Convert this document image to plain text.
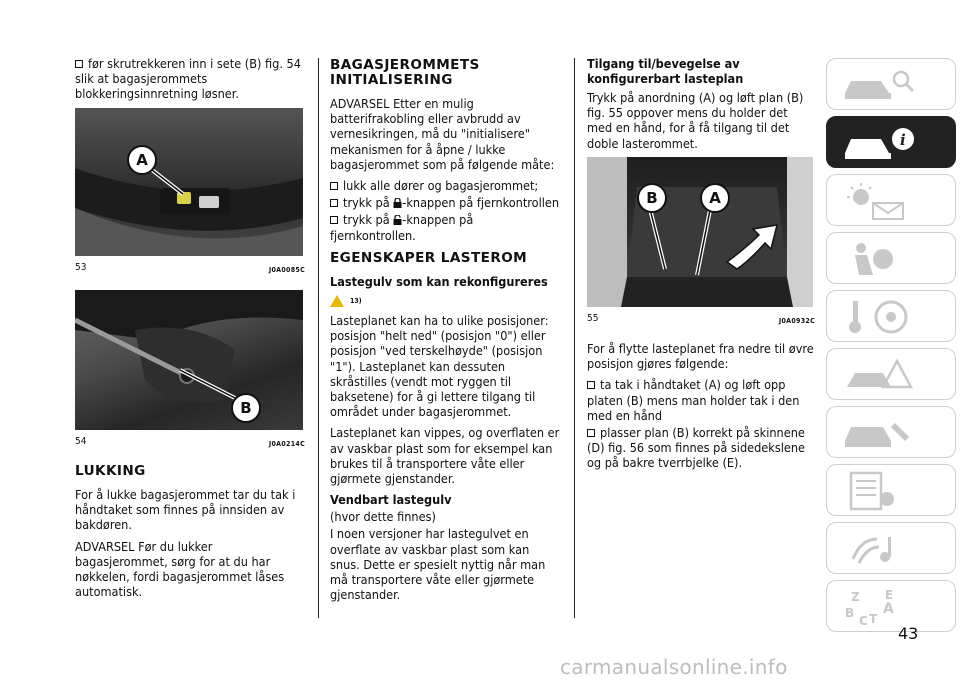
før skrutrekkeren inn i sete (B) fig. 54 slik at bagasjerommets blokkeringsinnretning løsner.

A
53	J0A0085C
B
54	J0A0214C
LUKKING

For å lukke bagasjerommet tar du tak i håndtaket som finnes på innsiden av bakdøren.

ADVARSEL Før du lukker bagasjerommet, sørg for at du har nøkkelen, fordi bagasjerommet låses automatisk.

BAGASJEROMMETS INITIALISERING

ADVARSEL Etter en mulig batterifrakobling eller avbrudd av vernesikringen, må du "initialisere" mekanismen for å åpne / lukke bagasjerommet som på følgende måte:

lukk alle dører og bagasjerommet;

trykk på -knappen på fjernkontrollen

trykk på -knappen på fjernkontrollen.

EGENSKAPER LASTEROM
Lastegulv som kan rekonfigureres

13)

Lasteplanet kan ha to ulike posisjoner: posisjon "helt ned" (posisjon "0") eller posisjon "ved terskelhøyde" (posisjon "1"). Lasteplanet kan dessuten skråstilles (vendt mot ryggen til baksetene) for å gi lettere tilgang til området under bagasjerommet.

Lasteplanet kan vippes, og overflaten er av vaskbar plast som for eksempel kan brukes til å transportere våte eller gjørmete gjenstander.

Vendbart lastegulv

(hvor dette finnes)

I noen versjoner har lastegulvet en overflate av vaskbar plast som kan snus. Dette er spesielt nyttig når man må transportere våte eller gjørmete gjenstander.

Tilgang til/bevegelse av konfigurerbart lasteplan

Trykk på anordning (A) og løft plan (B) fig. 55 oppover mens du holder det med en hånd, for å få tilgang til det doble lasterommet.

B	A
55	J0A0932C

For å flytte lasteplanet fra nedre til øvre posisjon gjøres følgende:

ta tak i håndtaket (A) og løft opp platen (B) mens man holder tak i den med en hånd

plasser plan (B) korrekt på skinnene (D) fig. 56 som finnes på sidedekslene og på bakre tverrbjelke (E).

i
Z E
A
B
C T
43
carmanualsonline.info
